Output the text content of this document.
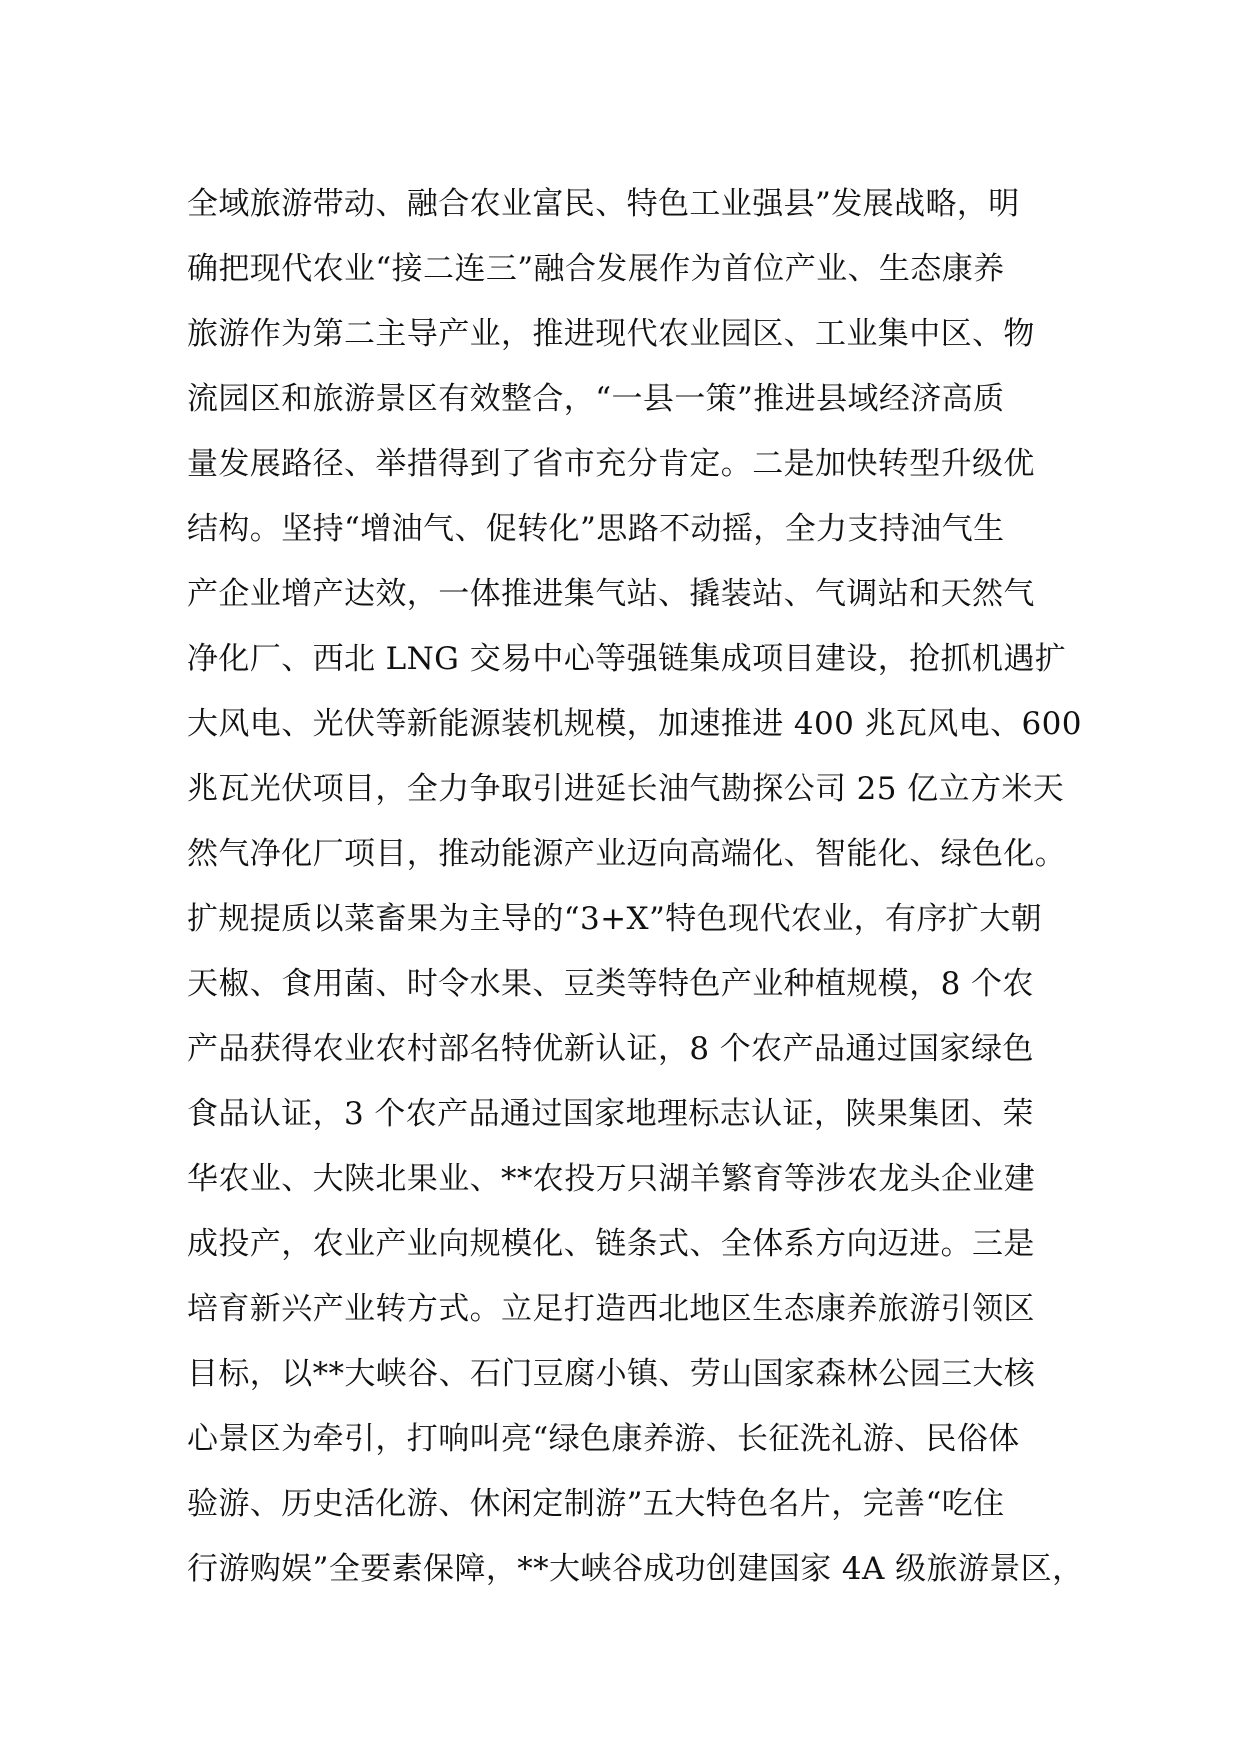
全域旅游带动、融合农业富民、特色工业强县”发展战略，明
确把现代农业“接二连三”融合发展作为首位产业、生态康养
旅游作为第二主导产业，推进现代农业园区、工业集中区、物
流园区和旅游景区有效整合，“一县一策”推进县域经济高质
量发展路径、举措得到了省市充分肯定。二是加快转型升级优
结构。坚持“增油气、促转化”思路不动摇，全力支持油气生
产企业增产达效，一体推进集气站、撬装站、气调站和天然气
净化厂、西北 LNG 交易中心等强链集成项目建设，抢抓机遇扩
大风电、光伏等新能源装机规模，加速推进 400 兆瓦风电、600
兆瓦光伏项目，全力争取引进延长油气勘探公司 25 亿立方米天
然气净化厂项目，推动能源产业迈向高端化、智能化、绿色化。
扩规提质以菜畜果为主导的“3+X”特色现代农业，有序扩大朝
天椒、食用菌、时令水果、豆类等特色产业种植规模，8 个农
产品获得农业农村部名特优新认证，8 个农产品通过国家绿色
食品认证，3 个农产品通过国家地理标志认证，陕果集团、荣
华农业、大陕北果业、**农投万只湖羊繁育等涉农龙头企业建
成投产，农业产业向规模化、链条式、全体系方向迈进。三是
培育新兴产业转方式。立足打造西北地区生态康养旅游引领区
目标，以**大峡谷、石门豆腐小镇、劳山国家森林公园三大核
心景区为牵引，打响叫亮“绿色康养游、长征洗礼游、民俗体
验游、历史活化游、休闲定制游”五大特色名片，完善“吃住
行游购娱”全要素保障，**大峡谷成功创建国家 4A 级旅游景区，
